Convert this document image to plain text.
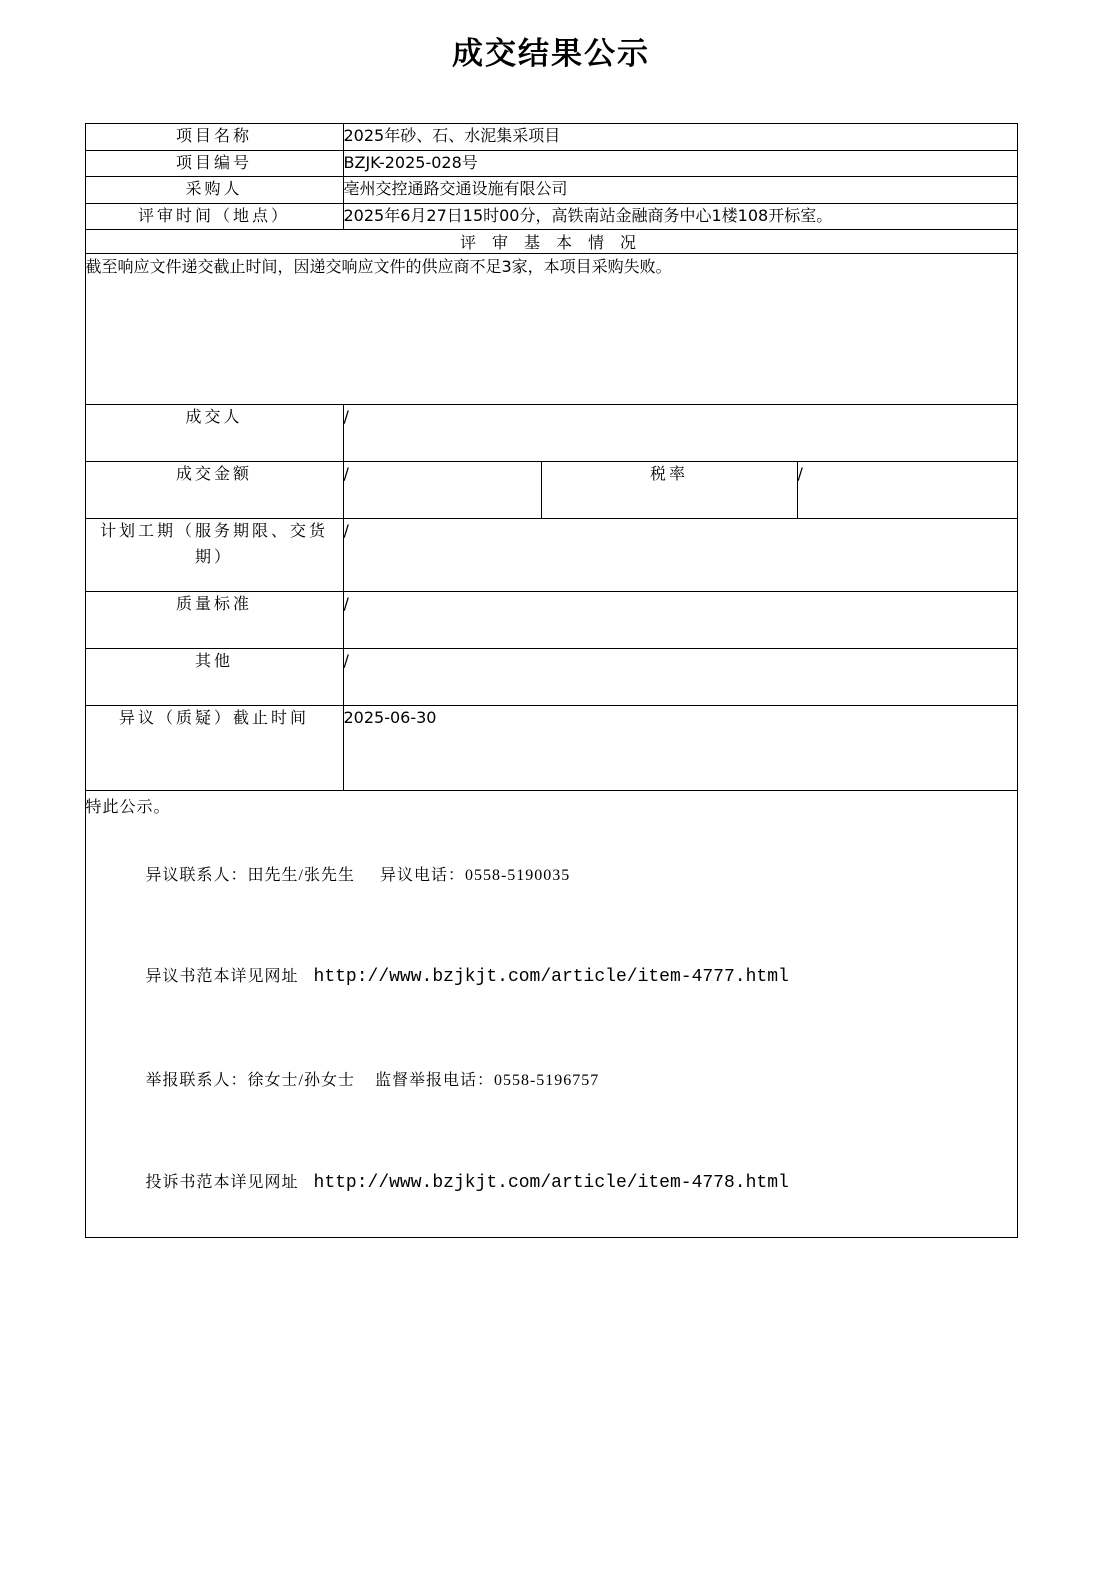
成交结果公示
项目名称	2025年砂、石、水泥集采项目		
项目编号	BZJK-2025-028号		
采购人	亳州交控通路交通设施有限公司		
评审时间（地点）	2025年6月27日15时00分，高铁南站金融商务中心1楼108开标室。		
评 审 基 本 情 况			
截至响应文件递交截止时间，因递交响应文件的供应商不足3家，本项目采购失败。			
成交人	/		
成交金额	/	税率	/
计划工期（服务期限、交货期）	/		
质量标准	/		
其他	/		
异议（质疑）截止时间	2025-06-30		

特此公示。

异议联系人：田先生/张先生 异议电话：0558-5190035

异议书范本详见网址 http://www.bzjkjt.com/article/item-4777.html

举报联系人：徐女士/孙女士 监督举报电话：0558-5196757

投诉书范本详见网址 http://www.bzjkjt.com/article/item-4778.html			
